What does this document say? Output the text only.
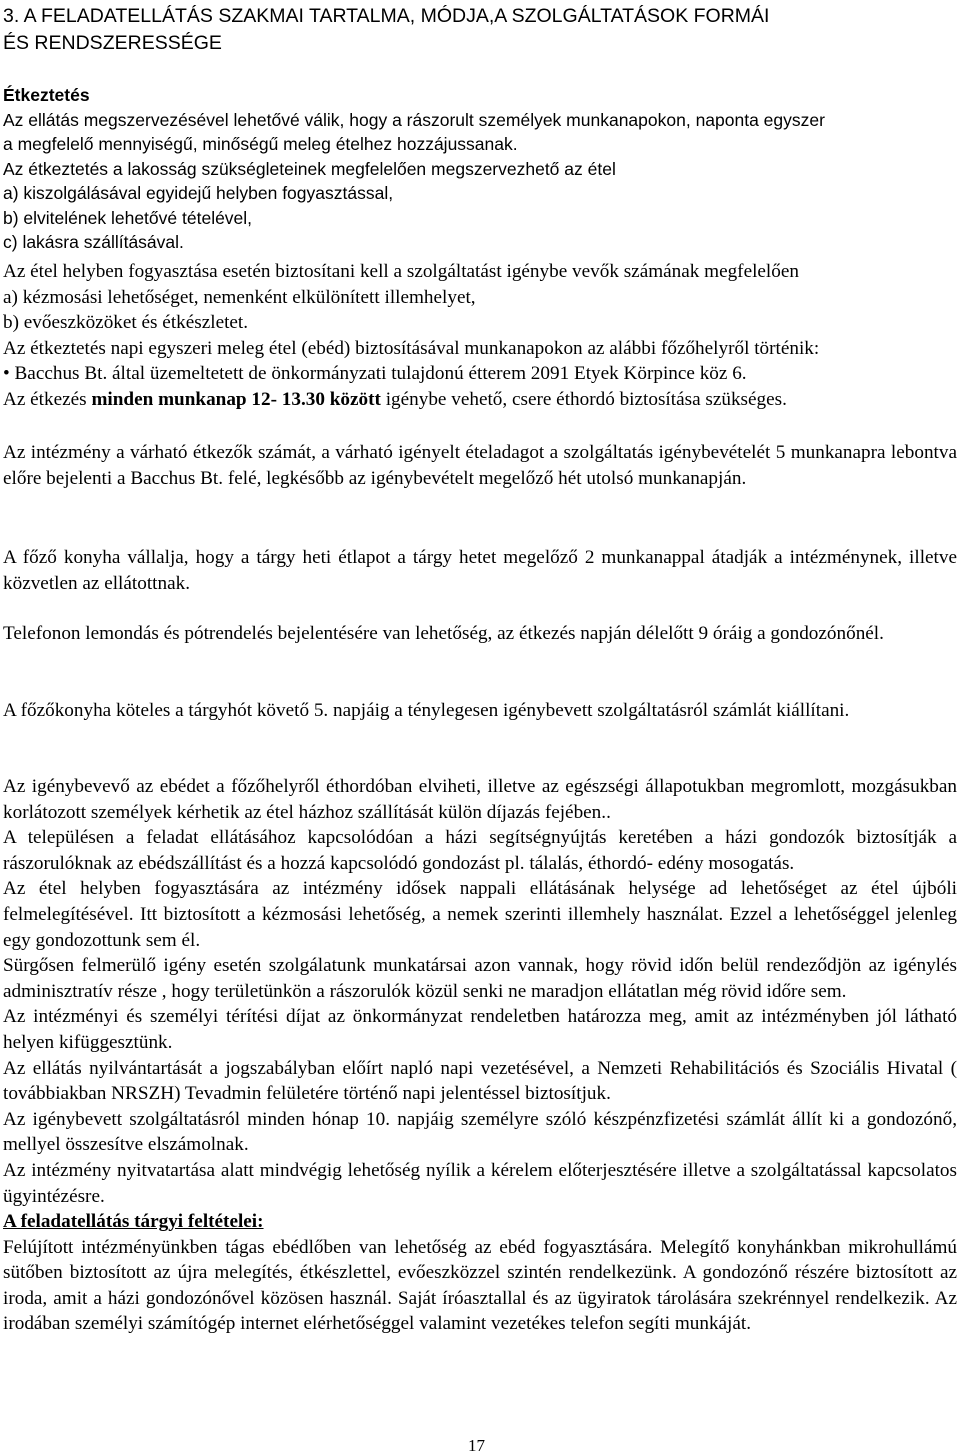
3. A FELADATELLÁTÁS SZAKMAI TARTALMA, MÓDJA,A SZOLGÁLTATÁSOK FORMÁI
ÉS RENDSZERESSÉGE
Étkeztetés
Az ellátás megszervezésével lehetővé válik, hogy a rászorult személyek munkanapokon, naponta egyszer
a megfelelő mennyiségű, minőségű meleg ételhez hozzájussanak.
Az étkeztetés a lakosság szükségleteinek megfelelően megszervezhető az étel
a) kiszolgálásával egyidejű helyben fogyasztással,
b) elvitelének lehetővé tételével,
c) lakásra szállításával.
Az étel helyben fogyasztása esetén biztosítani kell a szolgáltatást igénybe vevők számának megfelelően
a) kézmosási lehetőséget, nemenként elkülönített illemhelyet,
b) evőeszközöket és étkészletet.
Az étkeztetés napi egyszeri meleg étel (ebéd) biztosításával munkanapokon az alábbi főzőhelyről történik:
• Bacchus Bt. által üzemeltetett de önkormányzati tulajdonú étterem 2091 Etyek Körpince köz 6.
Az étkezés minden munkanap 12- 13.30 között igénybe vehető, csere éthordó biztosítása szükséges.

Az intézmény a várható étkezők számát, a várható igényelt ételadagot a szolgáltatás igénybevételét 5 munkanapra lebontva előre bejelenti a Bacchus Bt. felé, legkésőbb az igénybevételt megelőző hét utolsó munkanapján.

A főző konyha vállalja, hogy a tárgy heti étlapot a tárgy hetet megelőző 2 munkanappal átadják a intézménynek, illetve közvetlen az ellátottnak.

Telefonon lemondás és pótrendelés bejelentésére van lehetőség, az étkezés napján délelőtt 9 óráig a gondozónőnél.

A főzőkonyha köteles a tárgyhót követő 5. napjáig a ténylegesen igénybevett szolgáltatásról számlát kiállítani.

Az igénybevevő az ebédet a főzőhelyről éthordóban elviheti, illetve az egészségi állapotukban megromlott, mozgásukban korlátozott személyek kérhetik az étel házhoz szállítását külön díjazás fejében..

A településen a feladat ellátásához kapcsolódóan a házi segítségnyújtás keretében a házi gondozók biztosítják a rászorulóknak az ebédszállítást és a hozzá kapcsolódó gondozást pl. tálalás, éthordó- edény mosogatás.

Az étel helyben fogyasztására az intézmény idősek nappali ellátásának helysége ad lehetőséget az étel újbóli felmelegítésével. Itt biztosított a kézmosási lehetőség, a nemek szerinti illemhely használat. Ezzel a lehetőséggel jelenleg egy gondozottunk sem él.

Sürgősen felmerülő igény esetén szolgálatunk munkatársai azon vannak, hogy rövid időn belül rendeződjön az igénylés adminisztratív része , hogy területünkön a rászorulók közül senki ne maradjon ellátatlan még rövid időre sem.

Az intézményi és személyi térítési díjat az önkormányzat rendeletben határozza meg, amit az intézményben jól látható helyen kifüggesztünk.

Az ellátás nyilvántartását a jogszabályban előírt napló napi vezetésével, a Nemzeti Rehabilitációs és Szociális Hivatal ( továbbiakban NRSZH) Tevadmin felületére történő napi jelentéssel biztosítjuk.

Az igénybevett szolgáltatásról minden hónap 10. napjáig személyre szóló készpénzfizetési számlát állít ki a gondozónő, mellyel összesítve elszámolnak.

Az intézmény nyitvatartása alatt mindvégig lehetőség nyílik a kérelem előterjesztésére illetve a szolgáltatással kapcsolatos ügyintézésre.

A feladatellátás tárgyi feltételei:

Felújított intézményünkben tágas ebédlőben van lehetőség az ebéd fogyasztására. Melegítő konyhánkban mikrohullámú sütőben biztosított az újra melegítés, étkészlettel, evőeszközzel szintén rendelkezünk. A gondozónő részére biztosított az iroda, amit a házi gondozónővel közösen használ. Saját íróasztallal és az ügyiratok tárolására szekrénnyel rendelkezik. Az irodában személyi számítógép internet elérhetőséggel valamint vezetékes telefon segíti munkáját.

17
